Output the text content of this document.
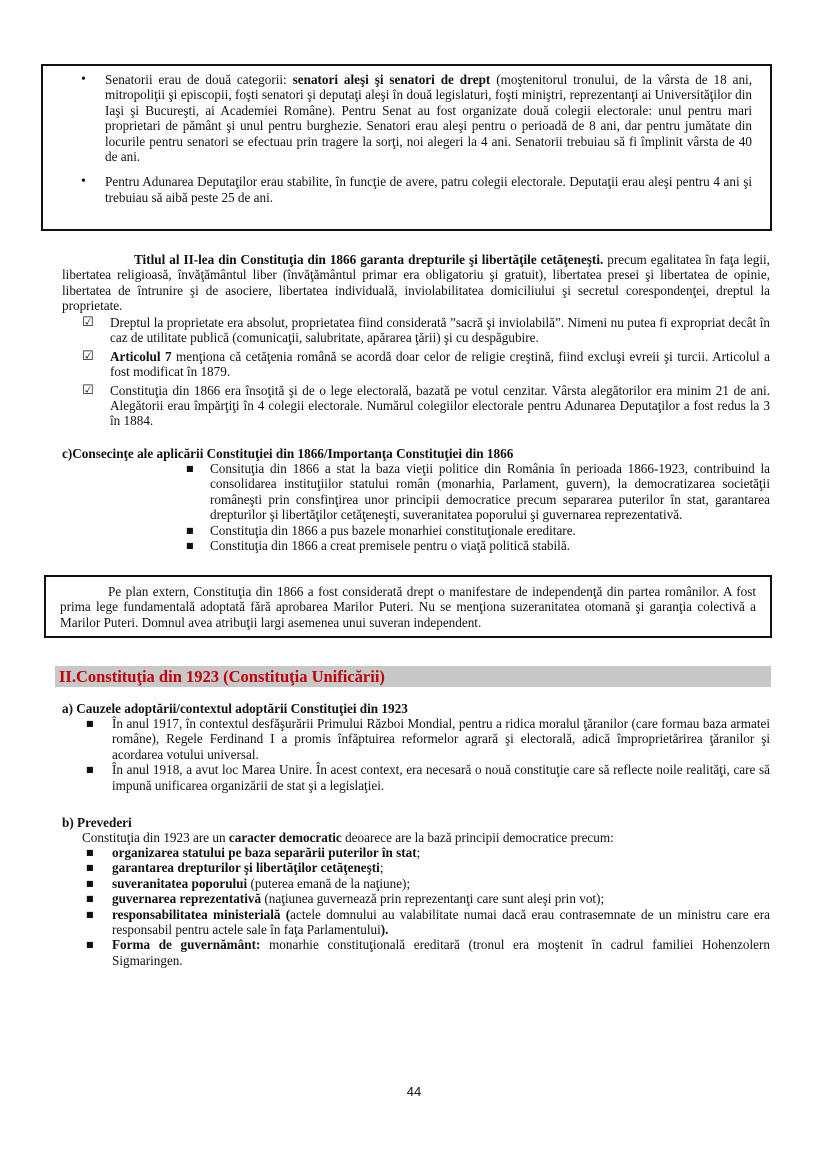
• Senatorii erau de două categorii: senatori aleşi şi senatori de drept (moştenitorul tronului, de la vârsta de 18 ani, mitropoliţii şi episcopii, foşti senatori şi deputaţi aleşi în două legislaturi, foşti miniştri, reprezentanţi ai Universităţilor din Iaşi şi Bucureşti, ai Academiei Române). Pentru Senat au fost organizate două colegii electorale: unul pentru mari proprietari de pământ şi unul pentru burghezie. Senatori erau aleşi pentru o perioadă de 8 ani, dar pentru jumătate din locurile pentru senatori se efectuau prin tragere la sorţi, noi alegeri la 4 ani. Senatorii trebuiau să fi împlinit vârsta de 40 de ani.
• Pentru Adunarea Deputaţilor erau stabilite, în funcţie de avere, patru colegii electorale. Deputaţii erau aleşi pentru 4 ani şi trebuiau să aibă peste 25 de ani.
Titlul al II-lea din Constituţia din 1866 garanta drepturile şi libertăţile cetăţeneşti. precum egalitatea în faţa legii, libertatea religioasă, învăţământul liber (învăţământul primar era obligatoriu şi gratuit), libertatea presei şi libertatea de opinie, libertatea de întrunire şi de asociere, libertatea individuală, inviolabilitatea domiciliului şi secretul corespondenţei, dreptul la proprietate.
☑ Dreptul la proprietate era absolut, proprietatea fiind considerată ”sacră şi inviolabilă”. Nimeni nu putea fi expropriat decât în caz de utilitate publică (comunicaţii, salubritate, apărarea ţării) şi cu despăgubire.
☑ Articolul 7 menţiona că cetăţenia română se acordă doar celor de religie creştină, fiind excluşi evreii şi turcii. Articolul a fost modificat în 1879.
☑ Constituţia din 1866 era însoţită şi de o lege electorală, bazată pe votul cenzitar. Vârsta alegătorilor era minim 21 de ani. Alegătorii erau împărţiţi în 4 colegii electorale. Numărul colegiilor electorale pentru Adunarea Deputaţilor a fost redus la 3 în 1884.
c)Consecinţe ale aplicării Constituţiei din 1866/Importanţa Constituţiei din 1866
■ Consituţia din 1866 a stat la baza vieţii politice din România în perioada 1866-1923, contribuind la consolidarea instituţiilor statului român (monarhia, Parlament, guvern), la democratizarea societăţii româneşti prin consfinţirea unor principii democratice precum separarea puterilor în stat, garantarea drepturilor şi libertăţilor cetăţeneşti, suveranitatea poporului şi guvernarea reprezentativă.
■ Constituţia din 1866 a pus bazele monarhiei constituţionale ereditare.
■ Constituţia din 1866 a creat premisele pentru o viaţă politică stabilă.
Pe plan extern, Constituţia din 1866 a fost considerată drept o manifestare de independenţă din partea românilor. A fost prima lege fundamentală adoptată fără aprobarea Marilor Puteri. Nu se menţiona suzeranitatea otomană şi garanţia colectivă a Marilor Puteri. Domnul avea atribuţii largi asemenea unui suveran independent.
II.Constituţia din 1923 (Constituţia Unificării)
a) Cauzele adoptării/contextul adoptării Constituţiei din 1923
■ În anul 1917, în contextul desfăşurării Primului Război Mondial, pentru a ridica moralul ţăranilor (care formau baza armatei române), Regele Ferdinand I a promis înfăptuirea reformelor agrară şi electorală, adică împroprietărirea ţăranilor şi acordarea votului universal.
■ În anul 1918, a avut loc Marea Unire. În acest context, era necesară o nouă constituţie care să reflecte noile realităţi, care să impună unificarea organizării de stat şi a legislaţiei.
b) Prevederi
Constituţia din 1923 are un caracter democratic deoarece are la bază principii democratice precum:
■ organizarea statului pe baza separării puterilor în stat;
■ garantarea drepturilor şi libertăţilor cetăţeneşti;
■ suveranitatea poporului (puterea emană de la naţiune);
■ guvernarea reprezentativă (naţiunea guvernează prin reprezentanţi care sunt aleşi prin vot);
■ responsabilitatea ministerială (actele domnului au valabilitate numai dacă erau contrasemnate de un ministru care era responsabil pentru actele sale în faţa Parlamentului).
■ Forma de guvernământ: monarhie constituţională ereditară (tronul era moştenit în cadrul familiei Hohenzolern Sigmaringen.
44
